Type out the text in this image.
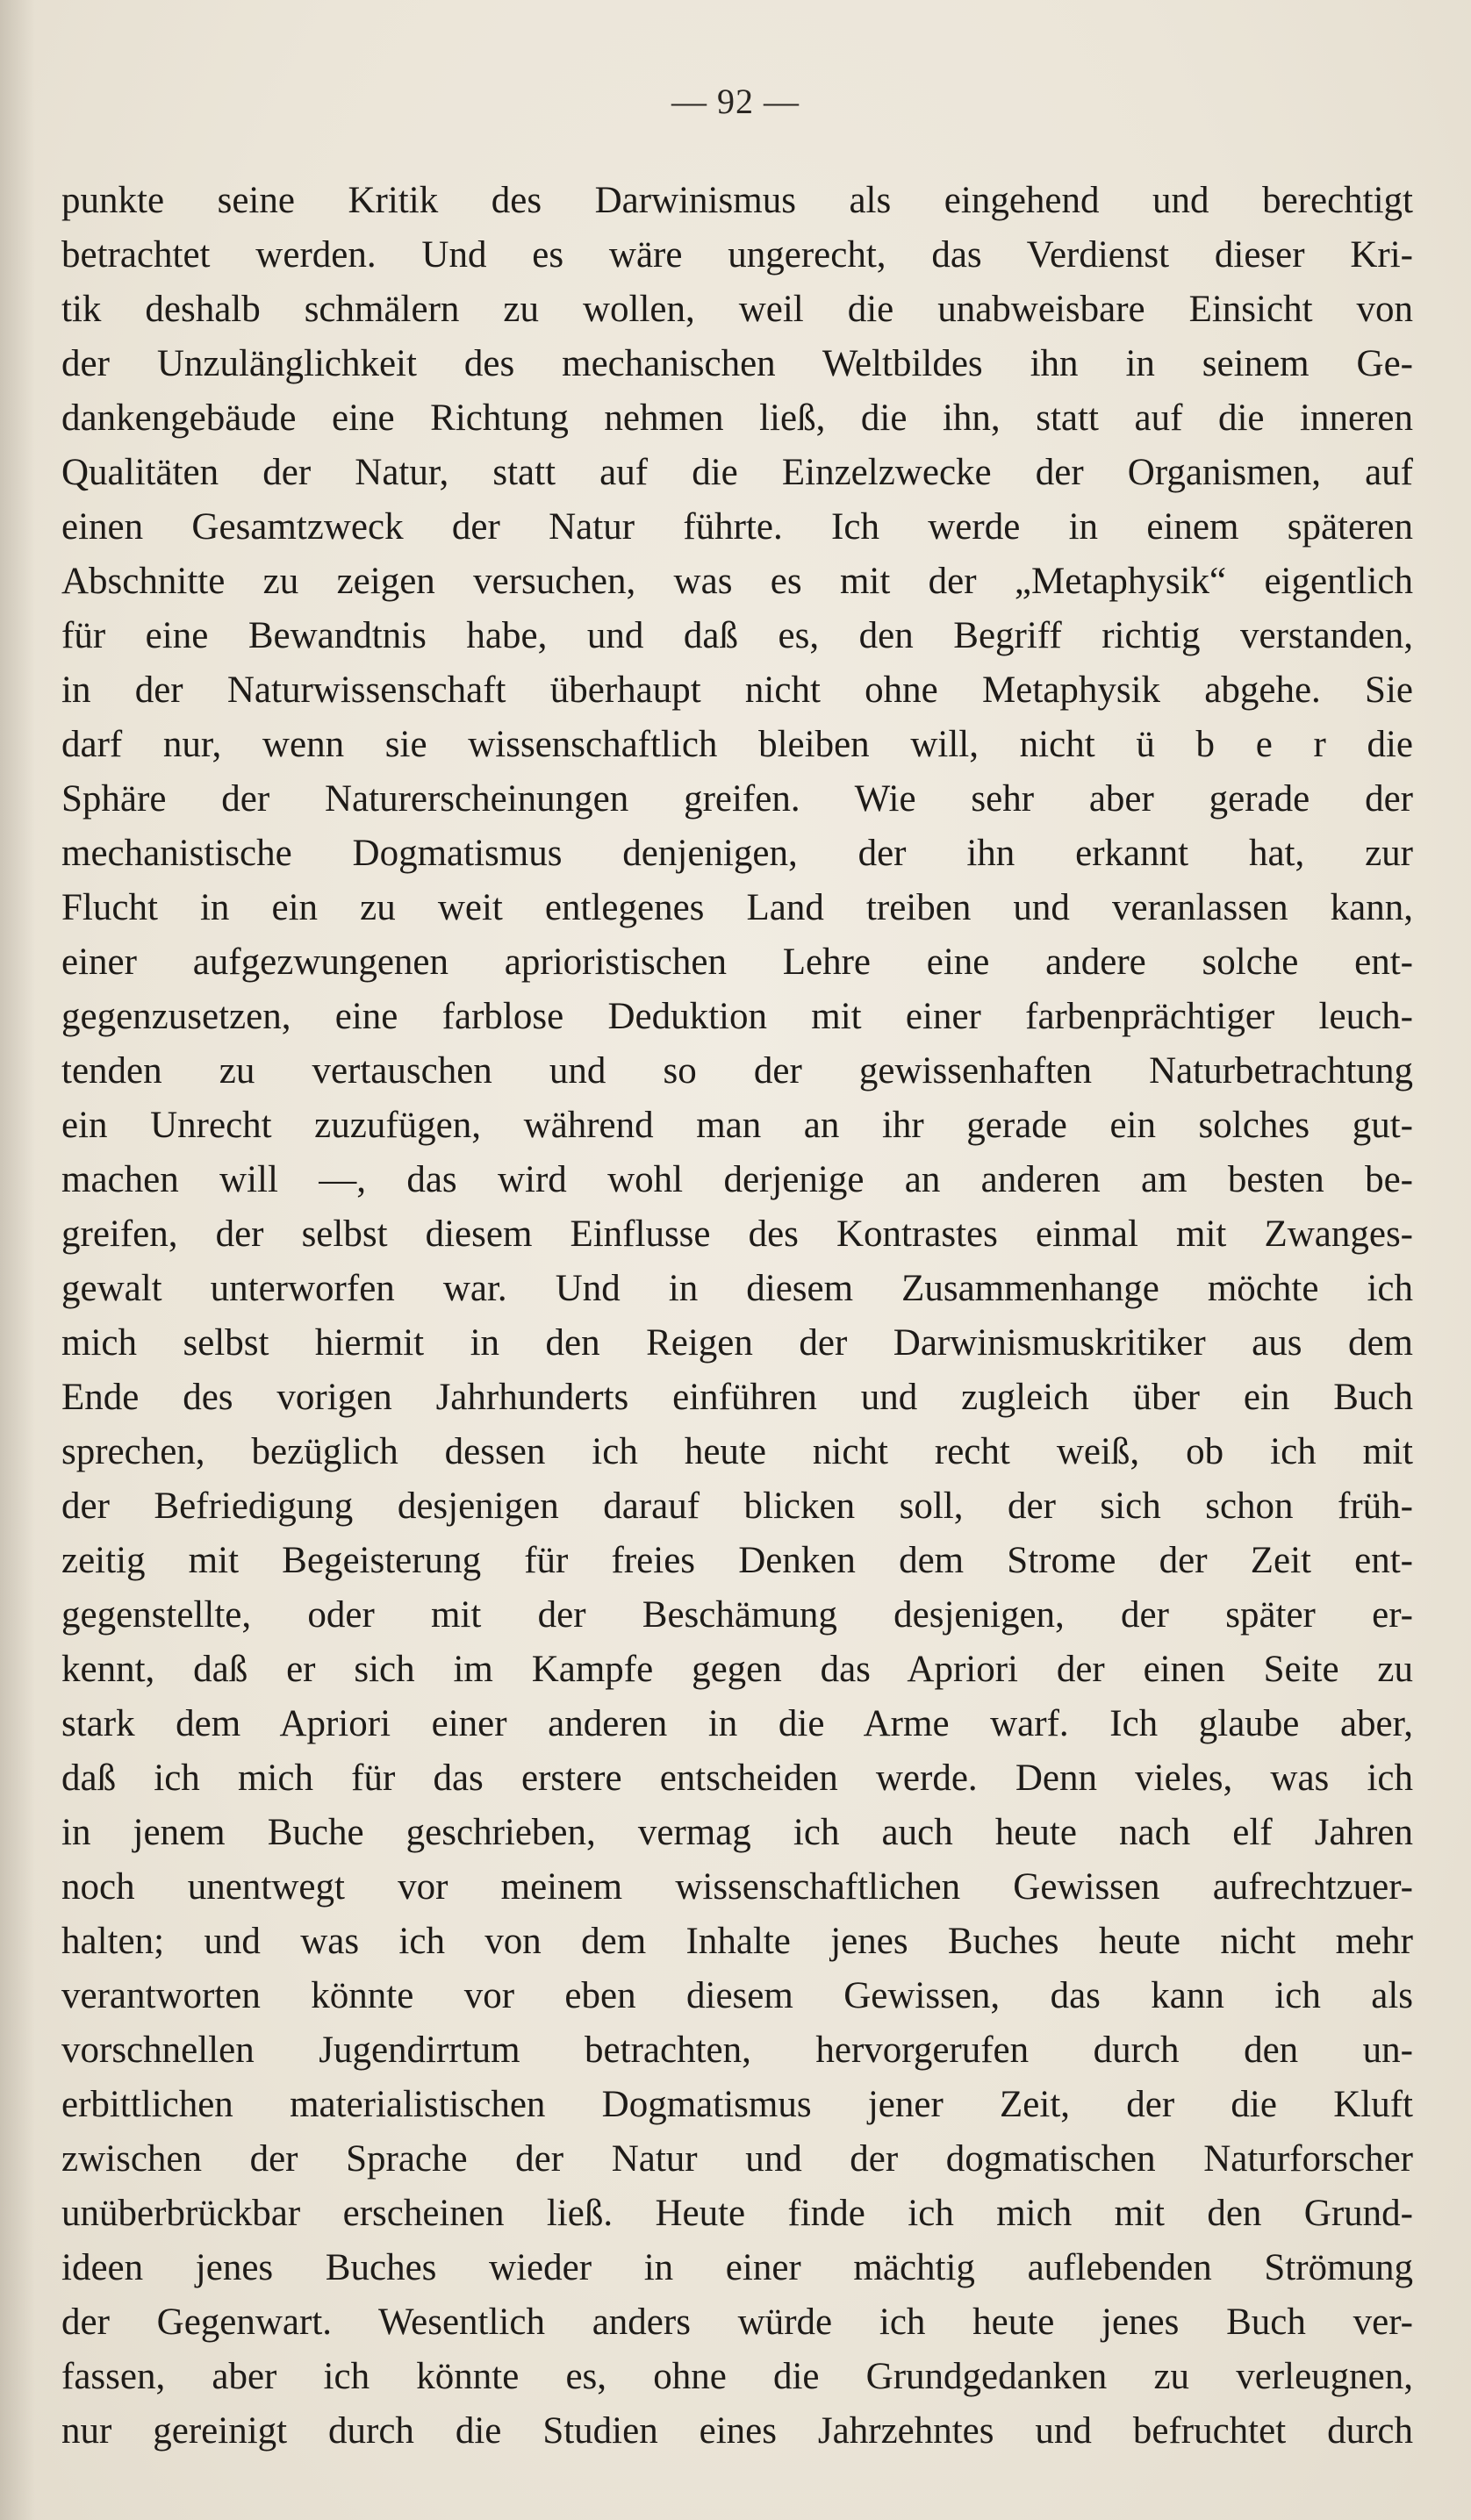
— 92 —
punkte seine Kritik des Darwinismus als eingehend und berechtigt
betrachtet werden. Und es wäre ungerecht, das Verdienst dieser Kri-
tik deshalb schmälern zu wollen, weil die unabweisbare Einsicht von
der Unzulänglichkeit des mechanischen Weltbildes ihn in seinem Ge-
dankengebäude eine Richtung nehmen ließ, die ihn, statt auf die inneren
Qualitäten der Natur, statt auf die Einzelzwecke der Organismen, auf
einen Gesamtzweck der Natur führte. Ich werde in einem späteren
Abschnitte zu zeigen versuchen, was es mit der „Metaphysik“ eigentlich
für eine Bewandtnis habe, und daß es, den Begriff richtig verstanden,
in der Naturwissenschaft überhaupt nicht ohne Metaphysik abgehe. Sie
darf nur, wenn sie wissenschaftlich bleiben will, nicht ü b e r die
Sphäre der Naturerscheinungen greifen. Wie sehr aber gerade der
mechanistische Dogmatismus denjenigen, der ihn erkannt hat, zur
Flucht in ein zu weit entlegenes Land treiben und veranlassen kann,
einer aufgezwungenen aprioristischen Lehre eine andere solche ent-
gegenzusetzen, eine farblose Deduktion mit einer farbenprächtiger leuch-
tenden zu vertauschen und so der gewissenhaften Naturbetrachtung
ein Unrecht zuzufügen, während man an ihr gerade ein solches gut-
machen will —, das wird wohl derjenige an anderen am besten be-
greifen, der selbst diesem Einflusse des Kontrastes einmal mit Zwanges-
gewalt unterworfen war. Und in diesem Zusammenhange möchte ich
mich selbst hiermit in den Reigen der Darwinismuskritiker aus dem
Ende des vorigen Jahrhunderts einführen und zugleich über ein Buch
sprechen, bezüglich dessen ich heute nicht recht weiß, ob ich mit
der Befriedigung desjenigen darauf blicken soll, der sich schon früh-
zeitig mit Begeisterung für freies Denken dem Strome der Zeit ent-
gegenstellte, oder mit der Beschämung desjenigen, der später er-
kennt, daß er sich im Kampfe gegen das Apriori der einen Seite zu
stark dem Apriori einer anderen in die Arme warf. Ich glaube aber,
daß ich mich für das erstere entscheiden werde. Denn vieles, was ich
in jenem Buche geschrieben, vermag ich auch heute nach elf Jahren
noch unentwegt vor meinem wissenschaftlichen Gewissen aufrechtzuer-
halten; und was ich von dem Inhalte jenes Buches heute nicht mehr
verantworten könnte vor eben diesem Gewissen, das kann ich als
vorschnellen Jugendirrtum betrachten, hervorgerufen durch den un-
erbittlichen materialistischen Dogmatismus jener Zeit, der die Kluft
zwischen der Sprache der Natur und der dogmatischen Naturforscher
unüberbrückbar erscheinen ließ. Heute finde ich mich mit den Grund-
ideen jenes Buches wieder in einer mächtig auflebenden Strömung
der Gegenwart. Wesentlich anders würde ich heute jenes Buch ver-
fassen, aber ich könnte es, ohne die Grundgedanken zu verleugnen,
nur gereinigt durch die Studien eines Jahrzehntes und befruchtet durch
